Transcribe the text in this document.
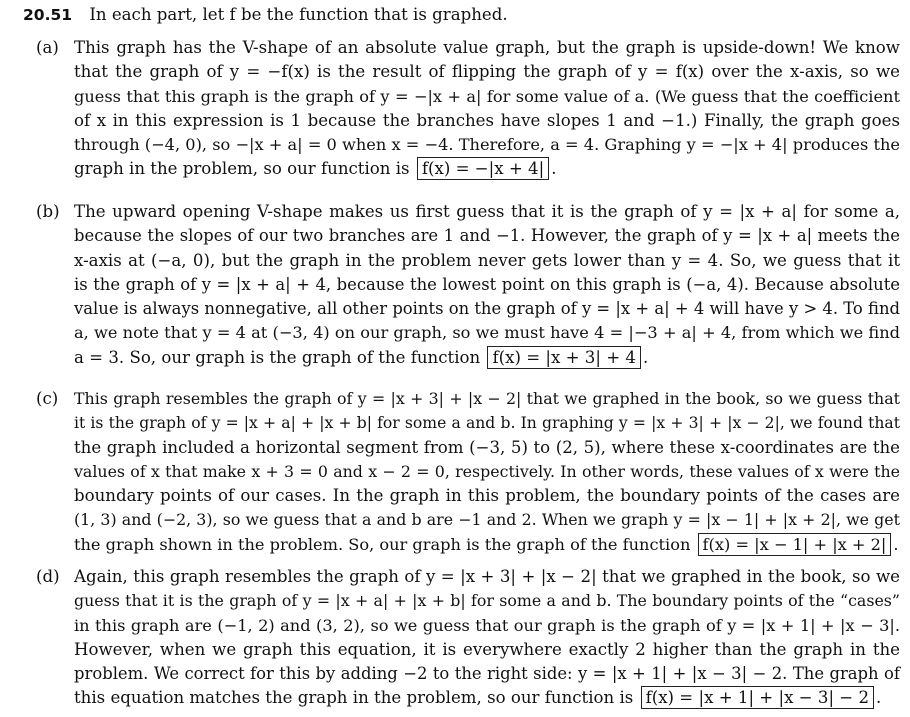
20.51 In each part, let f be the function that is graphed.
(a) This graph has the V-shape of an absolute value graph, but the graph is upside-down! We know
that the graph of y = −f(x) is the result of flipping the graph of y = f(x) over the x-axis, so we
guess that this graph is the graph of y = −|x + a| for some value of a. (We guess that the coefficient
of x in this expression is 1 because the branches have slopes 1 and −1.) Finally, the graph goes
through (−4, 0), so −|x + a| = 0 when x = −4. Therefore, a = 4. Graphing y = −|x + 4| produces the
graph in the problem, so our function is f(x) = −|x + 4| .
(b) The upward opening V-shape makes us first guess that it is the graph of y = |x + a| for some a,
because the slopes of our two branches are 1 and −1. However, the graph of y = |x + a| meets the
x-axis at (−a, 0), but the graph in the problem never gets lower than y = 4. So, we guess that it
is the graph of y = |x + a| + 4, because the lowest point on this graph is (−a, 4). Because absolute
value is always nonnegative, all other points on the graph of y = |x + a| + 4 will have y > 4. To find
a, we note that y = 4 at (−3, 4) on our graph, so we must have 4 = |−3 + a| + 4, from which we find
a = 3. So, our graph is the graph of the function f(x) = |x + 3| + 4 .
(c) This graph resembles the graph of y = |x + 3| + |x − 2| that we graphed in the book, so we guess that
it is the graph of y = |x + a| + |x + b| for some a and b. In graphing y = |x + 3| + |x − 2|, we found that
the graph included a horizontal segment from (−3, 5) to (2, 5), where these x-coordinates are the
values of x that make x + 3 = 0 and x − 2 = 0, respectively. In other words, these values of x were the
boundary points of our cases. In the graph in this problem, the boundary points of the cases are
(1, 3) and (−2, 3), so we guess that a and b are −1 and 2. When we graph y = |x − 1| + |x + 2|, we get
the graph shown in the problem. So, our graph is the graph of the function f(x) = |x − 1| + |x + 2| .
(d) Again, this graph resembles the graph of y = |x + 3| + |x − 2| that we graphed in the book, so we
guess that it is the graph of y = |x + a| + |x + b| for some a and b. The boundary points of the “cases”
in this graph are (−1, 2) and (3, 2), so we guess that our graph is the graph of y = |x + 1| + |x − 3|.
However, when we graph this equation, it is everywhere exactly 2 higher than the graph in the
problem. We correct for this by adding −2 to the right side: y = |x + 1| + |x − 3| − 2. The graph of
this equation matches the graph in the problem, so our function is f(x) = |x + 1| + |x − 3| − 2 .
